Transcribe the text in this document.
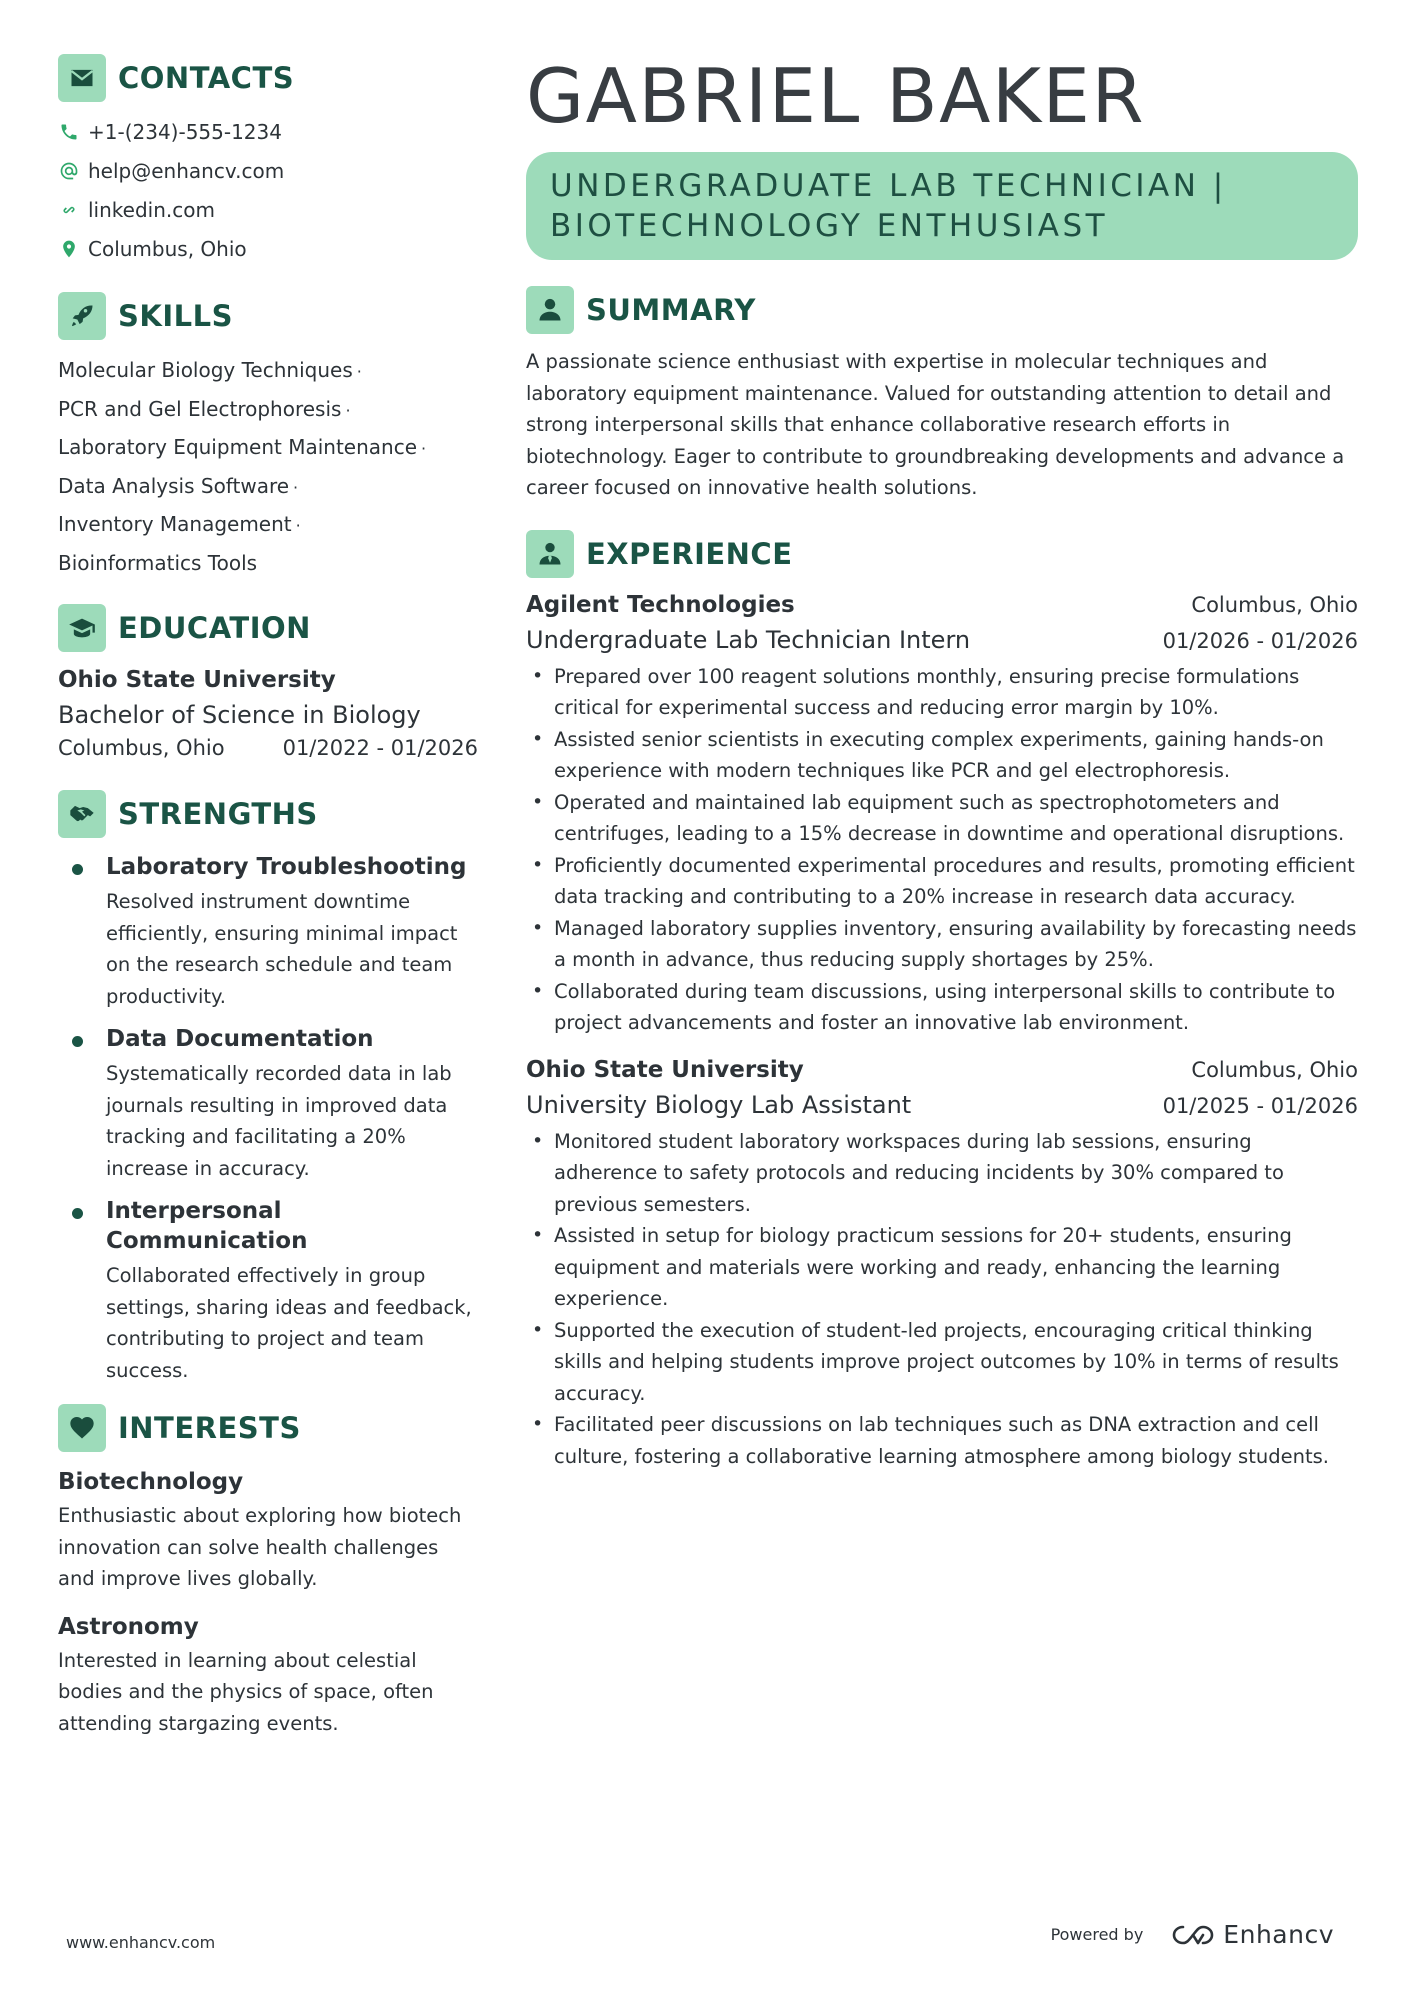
CONTACTS
+1-(234)-555-1234
help@enhancv.com
linkedin.com
Columbus, Ohio
SKILLS
Molecular Biology Techniques ·
PCR and Gel Electrophoresis ·
Laboratory Equipment Maintenance ·
Data Analysis Software ·
Inventory Management ·
Bioinformatics Tools
EDUCATION
Ohio State University
Bachelor of Science in Biology
Columbus, Ohio	01/2022 - 01/2026
STRENGTHS
Laboratory Troubleshooting
Resolved instrument downtime efficiently, ensuring minimal impact on the research schedule and team productivity.
Data Documentation
Systematically recorded data in lab journals resulting in improved data tracking and facilitating a 20% increase in accuracy.
Interpersonal Communication
Collaborated effectively in group settings, sharing ideas and feedback, contributing to project and team success.
INTERESTS
Biotechnology
Enthusiastic about exploring how biotech innovation can solve health challenges and improve lives globally.
Astronomy
Interested in learning about celestial bodies and the physics of space, often attending stargazing events.
GABRIEL BAKER
UNDERGRADUATE LAB TECHNICIAN |
BIOTECHNOLOGY ENTHUSIAST
SUMMARY

A passionate science enthusiast with expertise in molecular techniques and laboratory equipment maintenance. Valued for outstanding attention to detail and strong interpersonal skills that enhance collaborative research efforts in biotechnology. Eager to contribute to groundbreaking developments and advance a career focused on innovative health solutions.

EXPERIENCE
Agilent Technologies	Columbus, Ohio
Undergraduate Lab Technician Intern	01/2026 - 01/2026
• Prepared over 100 reagent solutions monthly, ensuring precise formulations critical for experimental success and reducing error margin by 10%.
• Assisted senior scientists in executing complex experiments, gaining hands-on experience with modern techniques like PCR and gel electrophoresis.
• Operated and maintained lab equipment such as spectrophotometers and centrifuges, leading to a 15% decrease in downtime and operational disruptions.
• Proficiently documented experimental procedures and results, promoting efficient data tracking and contributing to a 20% increase in research data accuracy.
• Managed laboratory supplies inventory, ensuring availability by forecasting needs a month in advance, thus reducing supply shortages by 25%.
• Collaborated during team discussions, using interpersonal skills to contribute to project advancements and foster an innovative lab environment.
Ohio State University	Columbus, Ohio
University Biology Lab Assistant	01/2025 - 01/2026
• Monitored student laboratory workspaces during lab sessions, ensuring adherence to safety protocols and reducing incidents by 30% compared to previous semesters.
• Assisted in setup for biology practicum sessions for 20+ students, ensuring equipment and materials were working and ready, enhancing the learning experience.
• Supported the execution of student-led projects, encouraging critical thinking skills and helping students improve project outcomes by 10% in terms of results accuracy.
• Facilitated peer discussions on lab techniques such as DNA extraction and cell culture, fostering a collaborative learning atmosphere among biology students.
www.enhancv.com	Powered by	Enhancv
